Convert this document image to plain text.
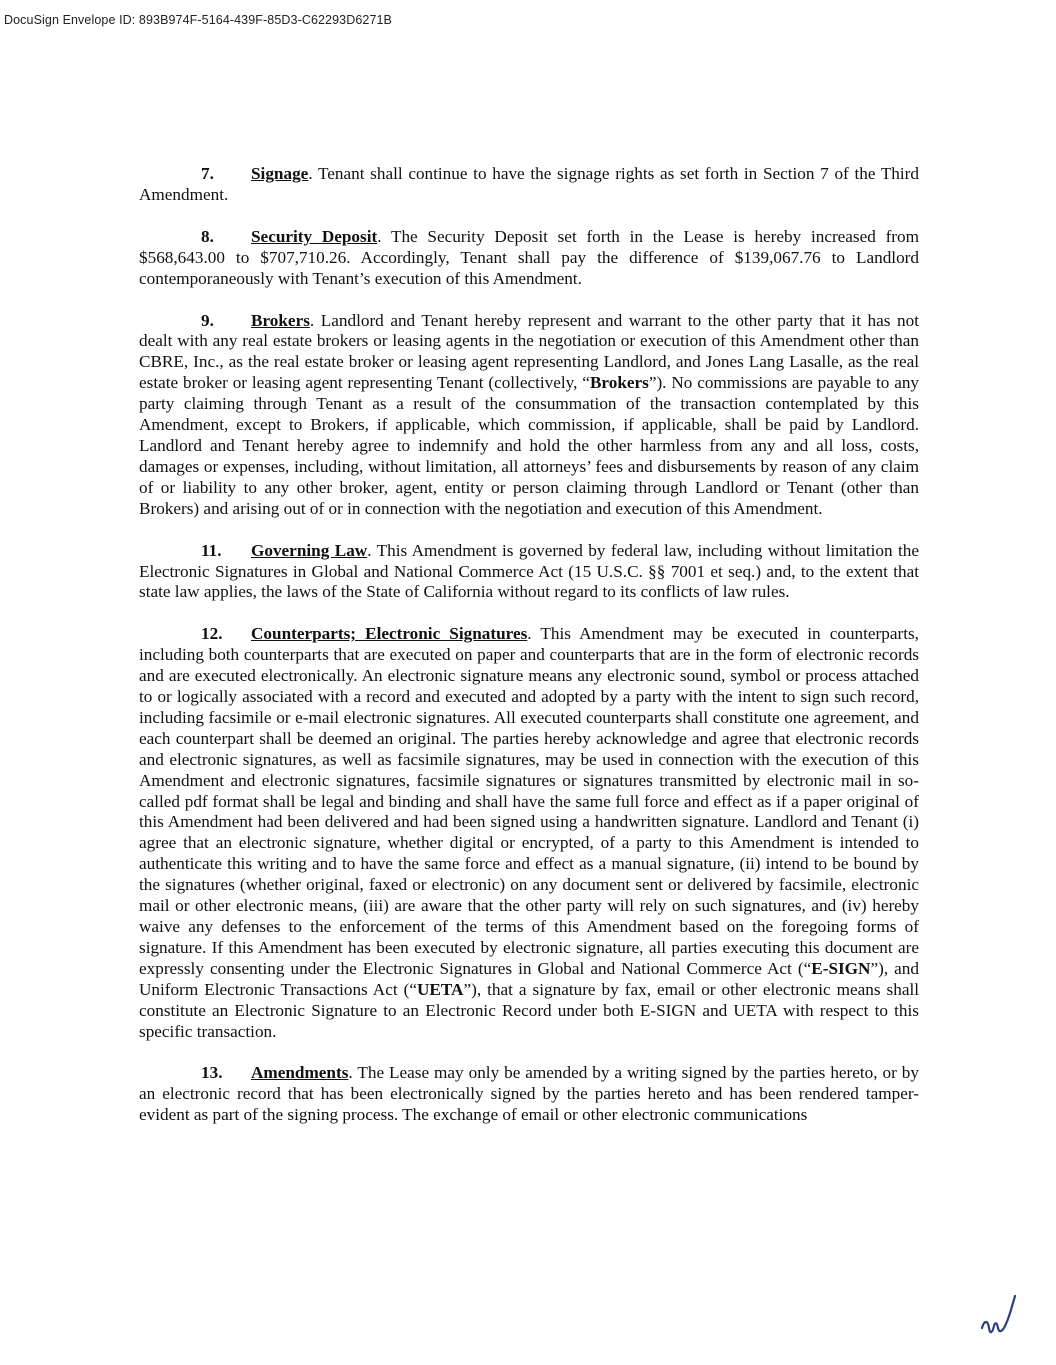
DocuSign Envelope ID: 893B974F-5164-439F-85D3-C62293D6271B

7. Signage. Tenant shall continue to have the signage rights as set forth in Section 7 of the Third Amendment.

8. Security Deposit. The Security Deposit set forth in the Lease is hereby increased from $568,643.00 to $707,710.26. Accordingly, Tenant shall pay the difference of $139,067.76 to Landlord contemporaneously with Tenant’s execution of this Amendment.

9. Brokers. Landlord and Tenant hereby represent and warrant to the other party that it has not dealt with any real estate brokers or leasing agents in the negotiation or execution of this Amendment other than CBRE, Inc., as the real estate broker or leasing agent representing Landlord, and Jones Lang Lasalle, as the real estate broker or leasing agent representing Tenant (collectively, “Brokers”). No commissions are payable to any party claiming through Tenant as a result of the consummation of the transaction contemplated by this Amendment, except to Brokers, if applicable, which commission, if applicable, shall be paid by Landlord. Landlord and Tenant hereby agree to indemnify and hold the other harmless from any and all loss, costs, damages or expenses, including, without limitation, all attorneys’ fees and disbursements by reason of any claim of or liability to any other broker, agent, entity or person claiming through Landlord or Tenant (other than Brokers) and arising out of or in connection with the negotiation and execution of this Amendment.

11. Governing Law. This Amendment is governed by federal law, including without limitation the Electronic Signatures in Global and National Commerce Act (15 U.S.C. §§ 7001 et seq.) and, to the extent that state law applies, the laws of the State of California without regard to its conflicts of law rules.

12. Counterparts; Electronic Signatures. This Amendment may be executed in counterparts, including both counterparts that are executed on paper and counterparts that are in the form of electronic records and are executed electronically. An electronic signature means any electronic sound, symbol or process attached to or logically associated with a record and executed and adopted by a party with the intent to sign such record, including facsimile or e-mail electronic signatures. All executed counterparts shall constitute one agreement, and each counterpart shall be deemed an original. The parties hereby acknowledge and agree that electronic records and electronic signatures, as well as facsimile signatures, may be used in connection with the execution of this Amendment and electronic signatures, facsimile signatures or signatures transmitted by electronic mail in so-called pdf format shall be legal and binding and shall have the same full force and effect as if a paper original of this Amendment had been delivered and had been signed using a handwritten signature. Landlord and Tenant (i) agree that an electronic signature, whether digital or encrypted, of a party to this Amendment is intended to authenticate this writing and to have the same force and effect as a manual signature, (ii) intend to be bound by the signatures (whether original, faxed or electronic) on any document sent or delivered by facsimile, electronic mail or other electronic means, (iii) are aware that the other party will rely on such signatures, and (iv) hereby waive any defenses to the enforcement of the terms of this Amendment based on the foregoing forms of signature. If this Amendment has been executed by electronic signature, all parties executing this document are expressly consenting under the Electronic Signatures in Global and National Commerce Act (“E-SIGN”), and Uniform Electronic Transactions Act (“UETA”), that a signature by fax, email or other electronic means shall constitute an Electronic Signature to an Electronic Record under both E-SIGN and UETA with respect to this specific transaction.

13. Amendments. The Lease may only be amended by a writing signed by the parties hereto, or by an electronic record that has been electronically signed by the parties hereto and has been rendered tamper-evident as part of the signing process. The exchange of email or other electronic communications
